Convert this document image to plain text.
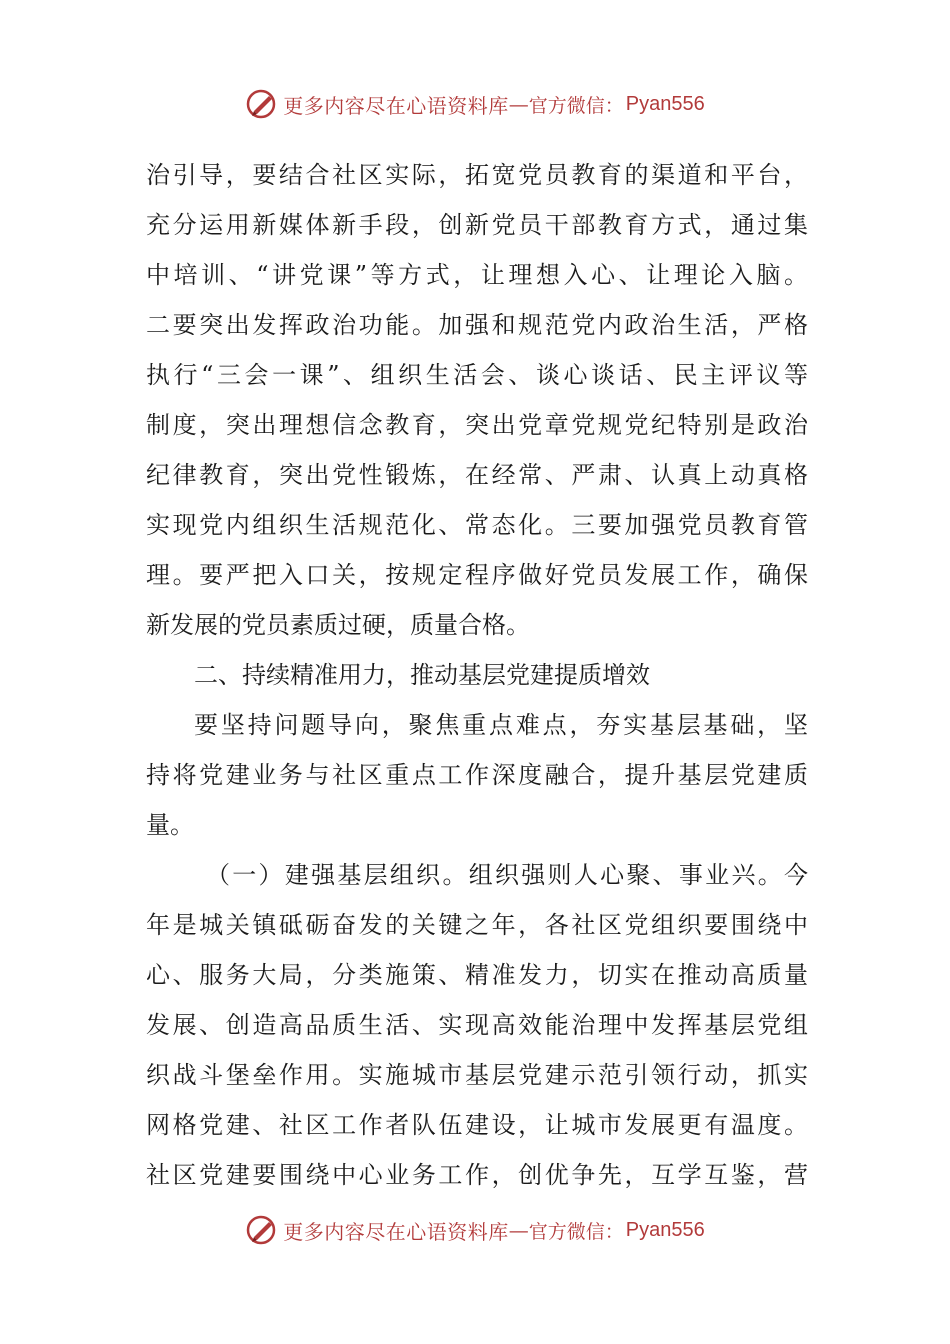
更多内容尽在心语资料库 — 官方微信： Pyan556
治引导，要结合社区实际，拓宽党员教育的渠道和平台，
充分运用新媒体新手段，创新党员干部教育方式，通过集
中培训、“讲党课”等方式，让理想入心、让理论入脑。
二要突出发挥政治功能。加强和规范党内政治生活，严格
执行“三会一课”、组织生活会、谈心谈话、民主评议等
制度，突出理想信念教育，突出党章党规党纪特别是政治
纪律教育，突出党性锻炼，在经常、严肃、认真上动真格
实现党内组织生活规范化、常态化。三要加强党员教育管
理。要严把入口关，按规定程序做好党员发展工作，确保
新发展的党员素质过硬，质量合格。
二、持续精准用力，推动基层党建提质增效
要坚持问题导向，聚焦重点难点，夯实基层基础，坚
持将党建业务与社区重点工作深度融合，提升基层党建质
量。
（一）建强基层组织。组织强则人心聚、事业兴。今
年是城关镇砥砺奋发的关键之年，各社区党组织要围绕中
心、服务大局，分类施策、精准发力，切实在推动高质量
发展、创造高品质生活、实现高效能治理中发挥基层党组
织战斗堡垒作用。实施城市基层党建示范引领行动，抓实
网格党建、社区工作者队伍建设，让城市发展更有温度。
社区党建要围绕中心业务工作，创优争先，互学互鉴，营
更多内容尽在心语资料库 — 官方微信： Pyan556
